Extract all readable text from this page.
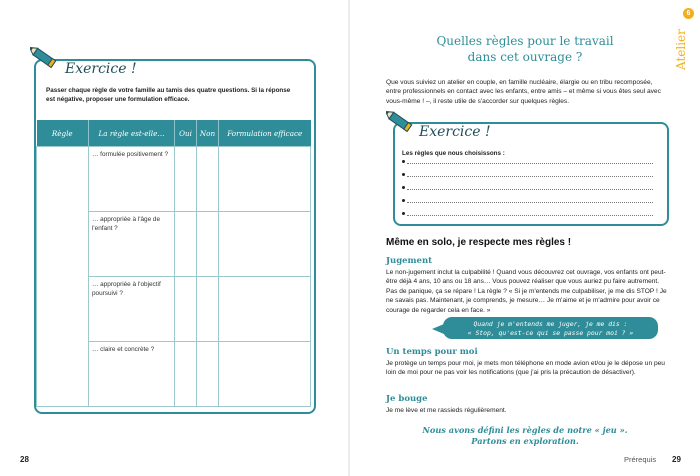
Exercice !
Passer chaque règle de votre famille au tamis des quatre questions. Si la réponse est négative, proposer une formulation efficace.
Règle	La règle est-elle…	Oui	Non	Formulation efficace
	… formulée positivement ?			
	… appropriée à l'âge de l'enfant ?			
	… appropriée à l'objectif poursuivi ?			
	… claire et concrète ?			
28
6
Atelier
Quelles règles pour le travail
dans cet ouvrage ?
Que vous suiviez un atelier en couple, en famille nucléaire, élargie ou en tribu recomposée, entre professionnels en contact avec les enfants, entre amis – et même si vous êtes seul avec vous-même ! –, il reste utile de s'accorder sur quelques règles.
Exercice !
Les règles que nous choisissons :
Même en solo, je respecte mes règles !
Jugement
Le non-jugement inclut la culpabilité ! Quand vous découvrez cet ouvrage, vos enfants ont peut-être déjà 4 ans, 10 ans ou 18 ans… Vous pouvez réaliser que vous auriez pu faire autrement. Pas de panique, ça se répare ! La règle ? « Si je m'entends me culpabiliser, je me dis STOP ! Je ne savais pas. Maintenant, je comprends, je mesure… Je m'aime et je m'admire pour avoir ce courage de regarder cela en face. »
Quand je m'entends me juger, je me dis :
« Stop, qu'est-ce qui se passe pour moi ? »
Un temps pour moi
Je protège un temps pour moi, je mets mon téléphone en mode avion et/ou je le dépose un peu loin de moi pour ne pas voir les notifications (que j'ai pris la précaution de désactiver).
Je bouge
Je me lève et me rassieds régulièrement.
Nous avons défini les règles de notre « jeu ».
Partons en exploration.
Prérequis 29
